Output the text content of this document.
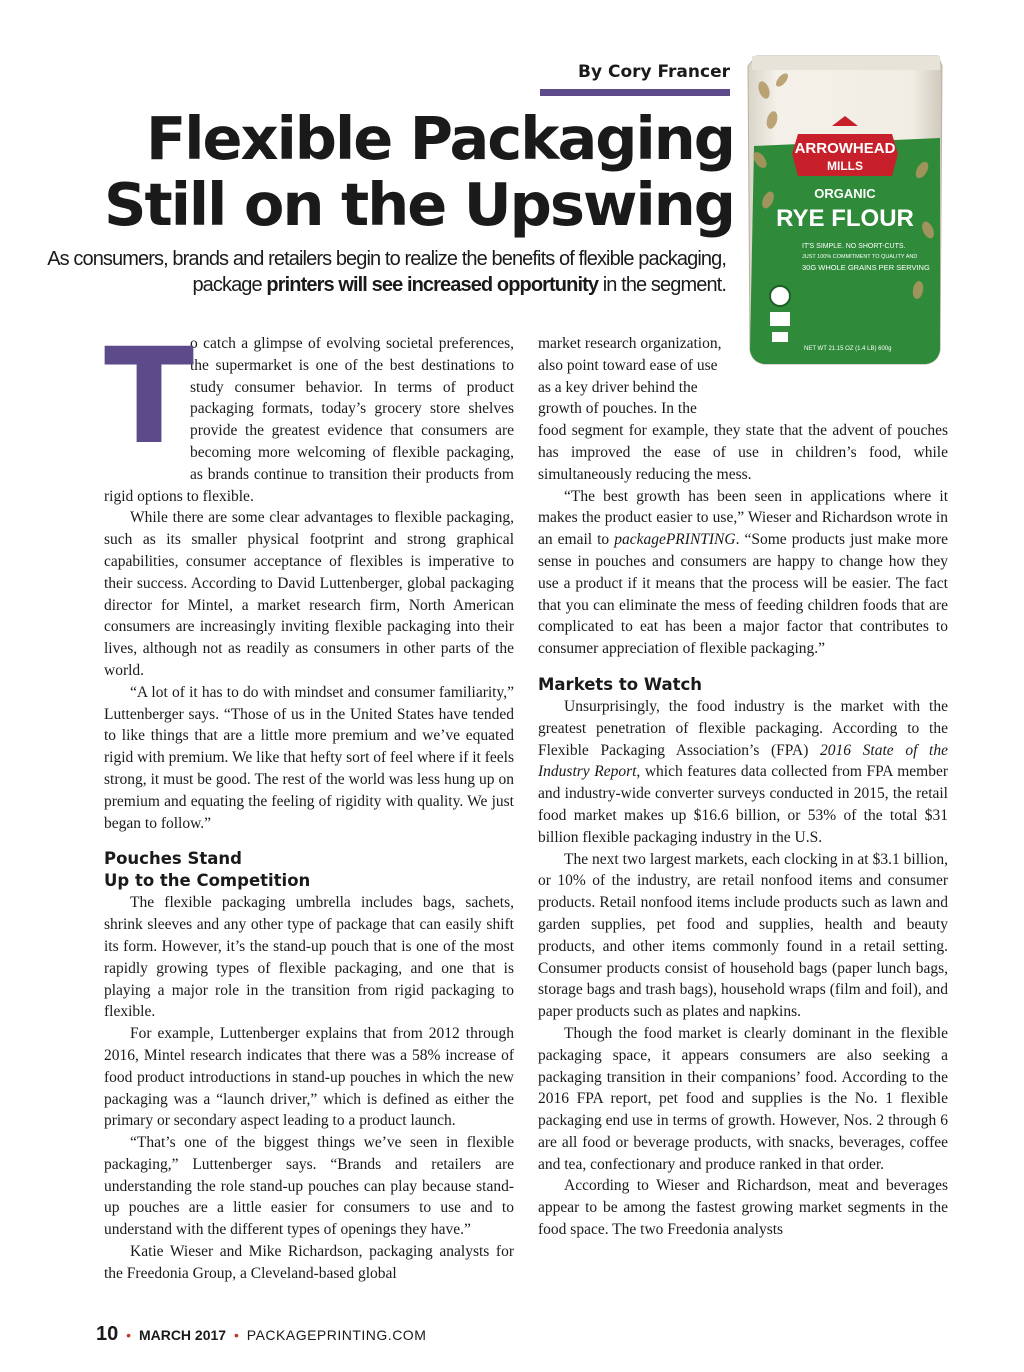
By Cory Francer
Flexible Packaging
Still on the Upswing
As consumers, brands and retailers begin to realize the benefits of flexible packaging, package printers will see increased opportunity in the segment.
ARROWHEAD
MILLS
ORGANIC
RYE FLOUR
IT'S SIMPLE. NO SHORT-CUTS.
JUST 100% COMMITMENT TO QUALITY AND
30G WHOLE GRAINS PER SERVING
NET WT 21.15 OZ (1.4 LB) 600g
T

o catch a glimpse of evolving societal preferences, the supermarket is one of the best destinations to study consumer behavior. In terms of product packaging formats, today’s grocery store shelves provide the greatest evidence that consumers are becoming more welcoming of flexible packaging, as brands continue to transition their products from rigid options to flexible.

While there are some clear advantages to flexible packaging, such as its smaller physical footprint and strong graphical capabilities, consumer acceptance of flexibles is imperative to their success. According to David Luttenberger, global packaging director for Mintel, a market research firm, North American consumers are increasingly inviting flexible packaging into their lives, although not as readily as consumers in other parts of the world.

“A lot of it has to do with mindset and consumer familiarity,” Luttenberger says. “Those of us in the United States have tended to like things that are a little more premium and we’ve equated rigid with premium. We like that hefty sort of feel where if it feels strong, it must be good. The rest of the world was less hung up on premium and equating the feeling of rigidity with quality. We just began to follow.”

Pouches Stand
Up to the Competition

The flexible packaging umbrella includes bags, sachets, shrink sleeves and any other type of package that can easily shift its form. However, it’s the stand-up pouch that is one of the most rapidly growing types of flexible packaging, and one that is playing a major role in the transition from rigid packaging to flexible.

For example, Luttenberger explains that from 2012 through 2016, Mintel research indicates that there was a 58% increase of food product introductions in stand-up pouches in which the new packaging was a “launch driver,” which is defined as either the primary or secondary aspect leading to a product launch.

“That’s one of the biggest things we’ve seen in flexible packaging,” Luttenberger says. “Brands and retailers are understanding the role stand-up pouches can play because stand-up pouches are a little easier for consumers to use and to understand with the different types of openings they have.”

Katie Wieser and Mike Richardson, packaging analysts for the Freedonia Group, a Cleveland-based global

market research organization, also point toward ease of use as a key driver behind the growth of pouches. In the

food segment for example, they state that the advent of pouches has improved the ease of use in children’s food, while simultaneously reducing the mess.

“The best growth has been seen in applications where it makes the product easier to use,” Wieser and Richardson wrote in an email to packagePRINTING. “Some products just make more sense in pouches and consumers are happy to change how they use a product if it means that the process will be easier. The fact that you can eliminate the mess of feeding children foods that are complicated to eat has been a major factor that contributes to consumer appreciation of flexible packaging.”

Markets to Watch

Unsurprisingly, the food industry is the market with the greatest penetration of flexible packaging. According to the Flexible Packaging Association’s (FPA) 2016 State of the Industry Report, which features data collected from FPA member and industry-wide converter surveys conducted in 2015, the retail food market makes up $16.6 billion, or 53% of the total $31 billion flexible packaging industry in the U.S.

The next two largest markets, each clocking in at $3.1 billion, or 10% of the industry, are retail nonfood items and consumer products. Retail nonfood items include products such as lawn and garden supplies, pet food and supplies, health and beauty products, and other items commonly found in a retail setting. Consumer products consist of household bags (paper lunch bags, storage bags and trash bags), household wraps (film and foil), and paper products such as plates and napkins.

Though the food market is clearly dominant in the flexible packaging space, it appears consumers are also seeking a packaging transition in their companions’ food. According to the 2016 FPA report, pet food and supplies is the No. 1 flexible packaging end use in terms of growth. However, Nos. 2 through 6 are all food or beverage products, with snacks, beverages, coffee and tea, confectionary and produce ranked in that order.

According to Wieser and Richardson, meat and beverages appear to be among the fastest growing market segments in the food space. The two Freedonia analysts

10 • MARCH 2017 • PACKAGEPRINTING.COM
